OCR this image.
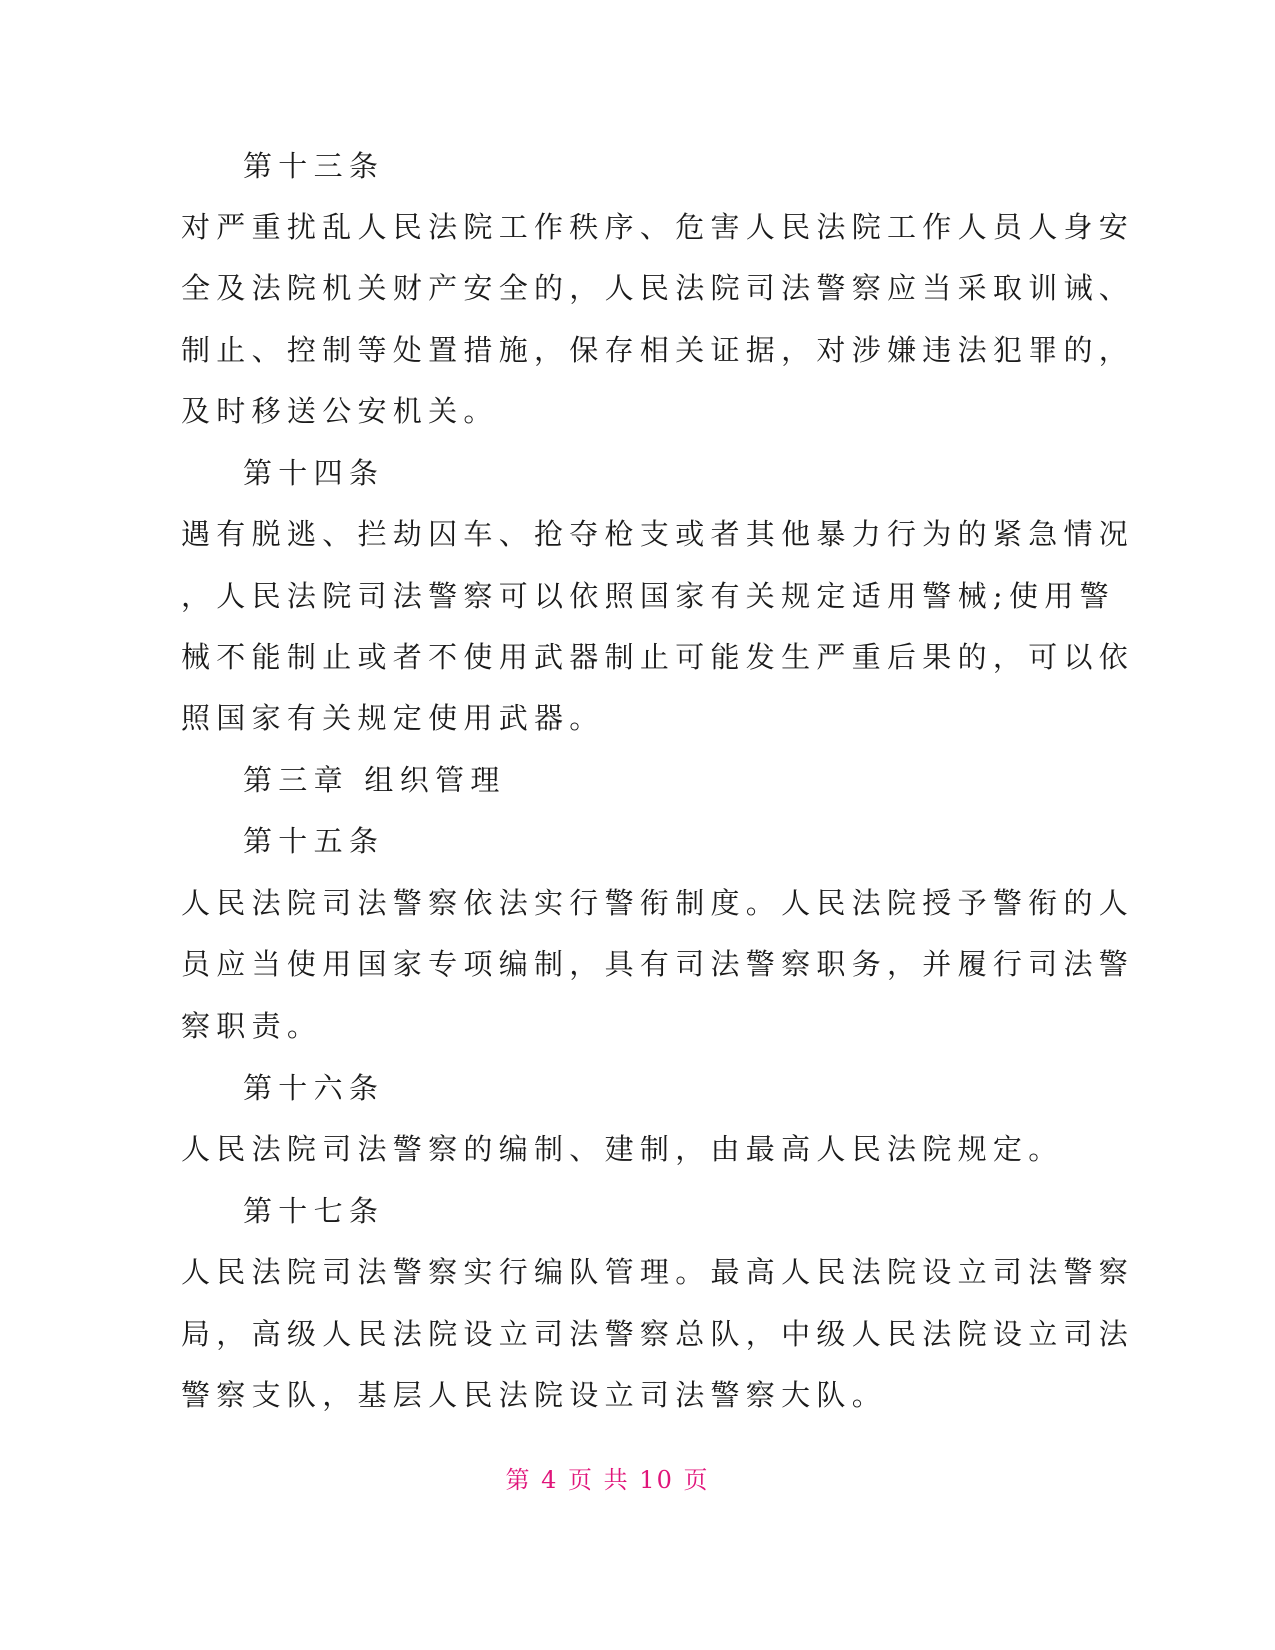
第十三条
对严重扰乱人民法院工作秩序、危害人民法院工作人员人身安
全及法院机关财产安全的，人民法院司法警察应当采取训诫、
制止、控制等处置措施，保存相关证据，对涉嫌违法犯罪的，
及时移送公安机关。
第十四条
遇有脱逃、拦劫囚车、抢夺枪支或者其他暴力行为的紧急情况
，人民法院司法警察可以依照国家有关规定适用警械;使用警
械不能制止或者不使用武器制止可能发生严重后果的，可以依
照国家有关规定使用武器。
第三章 组织管理
第十五条
人民法院司法警察依法实行警衔制度。人民法院授予警衔的人
员应当使用国家专项编制，具有司法警察职务，并履行司法警
察职责。
第十六条
人民法院司法警察的编制、建制，由最高人民法院规定。
第十七条
人民法院司法警察实行编队管理。最高人民法院设立司法警察
局，高级人民法院设立司法警察总队，中级人民法院设立司法
警察支队，基层人民法院设立司法警察大队。
第 4 页 共 10 页
